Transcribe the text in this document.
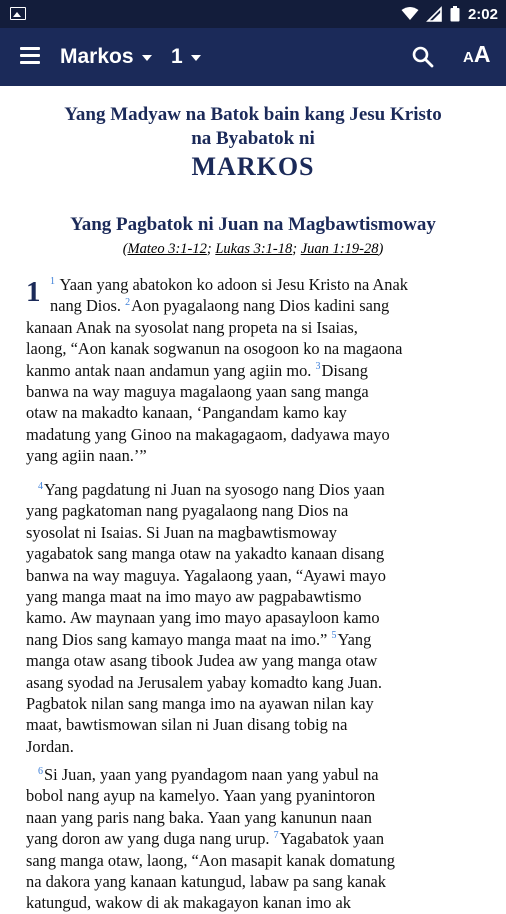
2:02
Markos 1	AA
Yang Madyaw na Batok bain kang Jesu Kristo
na Byabatok ni
MARKOS
Yang Pagbatok ni Juan na Magbawtismoway
(Mateo 3:1-12; Lukas 3:1-18; Juan 1:19-28)
1 $^1$ Yaan yang abatokon ko adoon si Jesu Kristo na Anak
nang Dios. $^2$Aon pyagalaong nang Dios kadini sang
kanaan Anak na syosolat nang propeta na si Isaias,
laong, “Aon kanak sogwanun na osogoon ko na magaona
kanmo antak naan andamun yang agiin mo. $^3$Disang
banwa na way maguya magalaong yaan sang manga
otaw na makadto kanaan, ‘Pangandam kamo kay
madatung yang Ginoo na makagagaom, dadyawa mayo
yang agiin naan.’”
$^4$Yang pagdatung ni Juan na syosogo nang Dios yaan
yang pagkatoman nang pyagalaong nang Dios na
syosolat ni Isaias. Si Juan na magbawtismoway
yagabatok sang manga otaw na yakadto kanaan disang
banwa na way maguya. Yagalaong yaan, “Ayawi mayo
yang manga maat na imo mayo aw pagpabawtismo
kamo. Aw maynaan yang imo mayo apasayloon kamo
nang Dios sang kamayo manga maat na imo.” $^5$Yang
manga otaw asang tibook Judea aw yang manga otaw
asang syodad na Jerusalem yabay komadto kang Juan.
Pagbatok nilan sang manga imo na ayawan nilan kay
maat, bawtismowan silan ni Juan disang tobig na
Jordan.
$^6$Si Juan, yaan yang pyandagom naan yang yabul na
bobol nang ayup na kamelyo. Yaan yang pyanintoron
naan yang paris nang baka. Yaan yang kanunun naan
yang doron aw yang duga nang urup. $^7$Yagabatok yaan
sang manga otaw, laong, “Aon masapit kanak domatung
na dakora yang kanaan katungud, labaw pa sang kanak
katungud, wakow di ak makagayon kanan imo ak
